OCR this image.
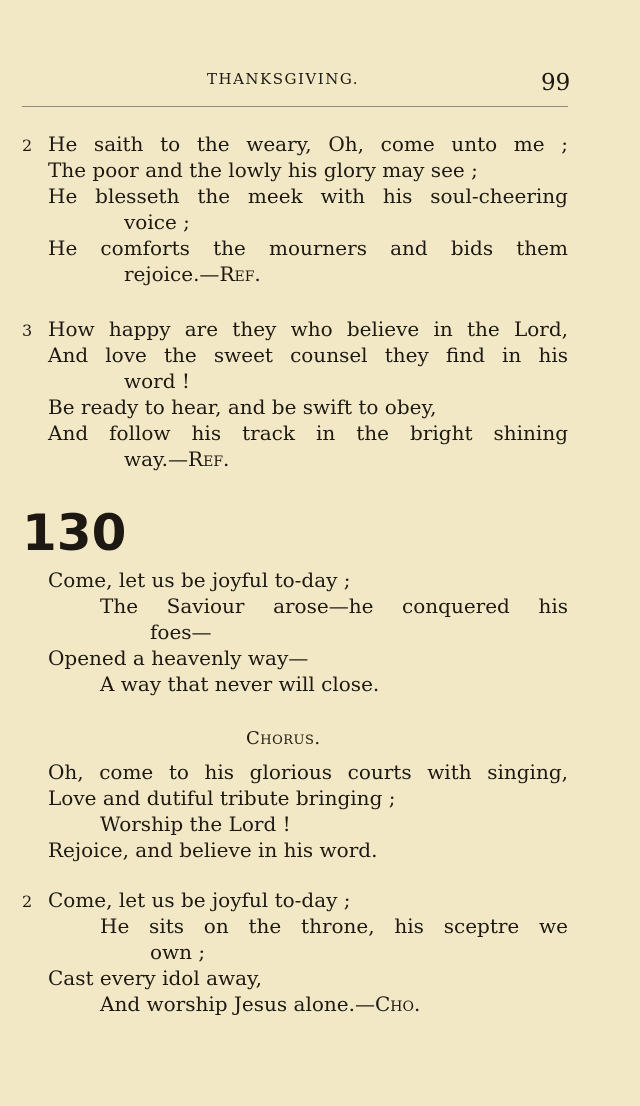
THANKSGIVING.	99
2 He saith to the weary, Oh, come unto me ;
The poor and the lowly his glory may see ;
He blesseth the meek with his soul-cheering
voice ;
He comforts the mourners and bids them
rejoice.—Ref.
3 How happy are they who believe in the Lord,
And love the sweet counsel they find in his
word !
Be ready to hear, and be swift to obey,
And follow his track in the bright shining
way.—Ref.
130
Come, let us be joyful to-day ;
The Saviour arose—he conquered his
foes—
Opened a heavenly way—
A way that never will close.
Chorus.
Oh, come to his glorious courts with singing,
Love and dutiful tribute bringing ;
Worship the Lord !
Rejoice, and believe in his word.
2 Come, let us be joyful to-day ;
He sits on the throne, his sceptre we
own ;
Cast every idol away,
And worship Jesus alone.—Cho.
